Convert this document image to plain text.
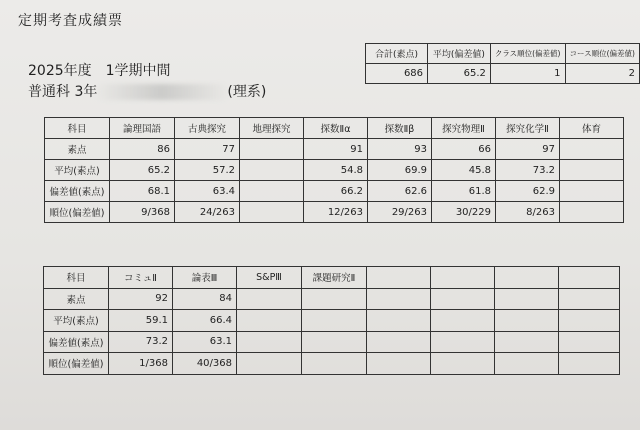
定期考査成績票
2025年度　1学期中間
普通科 3年	(理系)
合計(素点)	平均(偏差値)	クラス順位(偏差値)	コース順位(偏差値)
686	65.2	1	2
科目	論理国語	古典探究	地理探究	探数Ⅱα	探数Ⅱβ	探究物理Ⅱ	探究化学Ⅱ	体育
素点	86	77		91	93	66	97	
平均(素点)	65.2	57.2		54.8	69.9	45.8	73.2	
偏差値(素点)	68.1	63.4		66.2	62.6	61.8	62.9	
順位(偏差値)	9/368	24/263		12/263	29/263	30/229	8/263	
科目	コミュⅡ	論表Ⅲ	S&PⅢ	課題研究Ⅱ				
素点	92	84						
平均(素点)	59.1	66.4						
偏差値(素点)	73.2	63.1						
順位(偏差値)	1/368	40/368						
